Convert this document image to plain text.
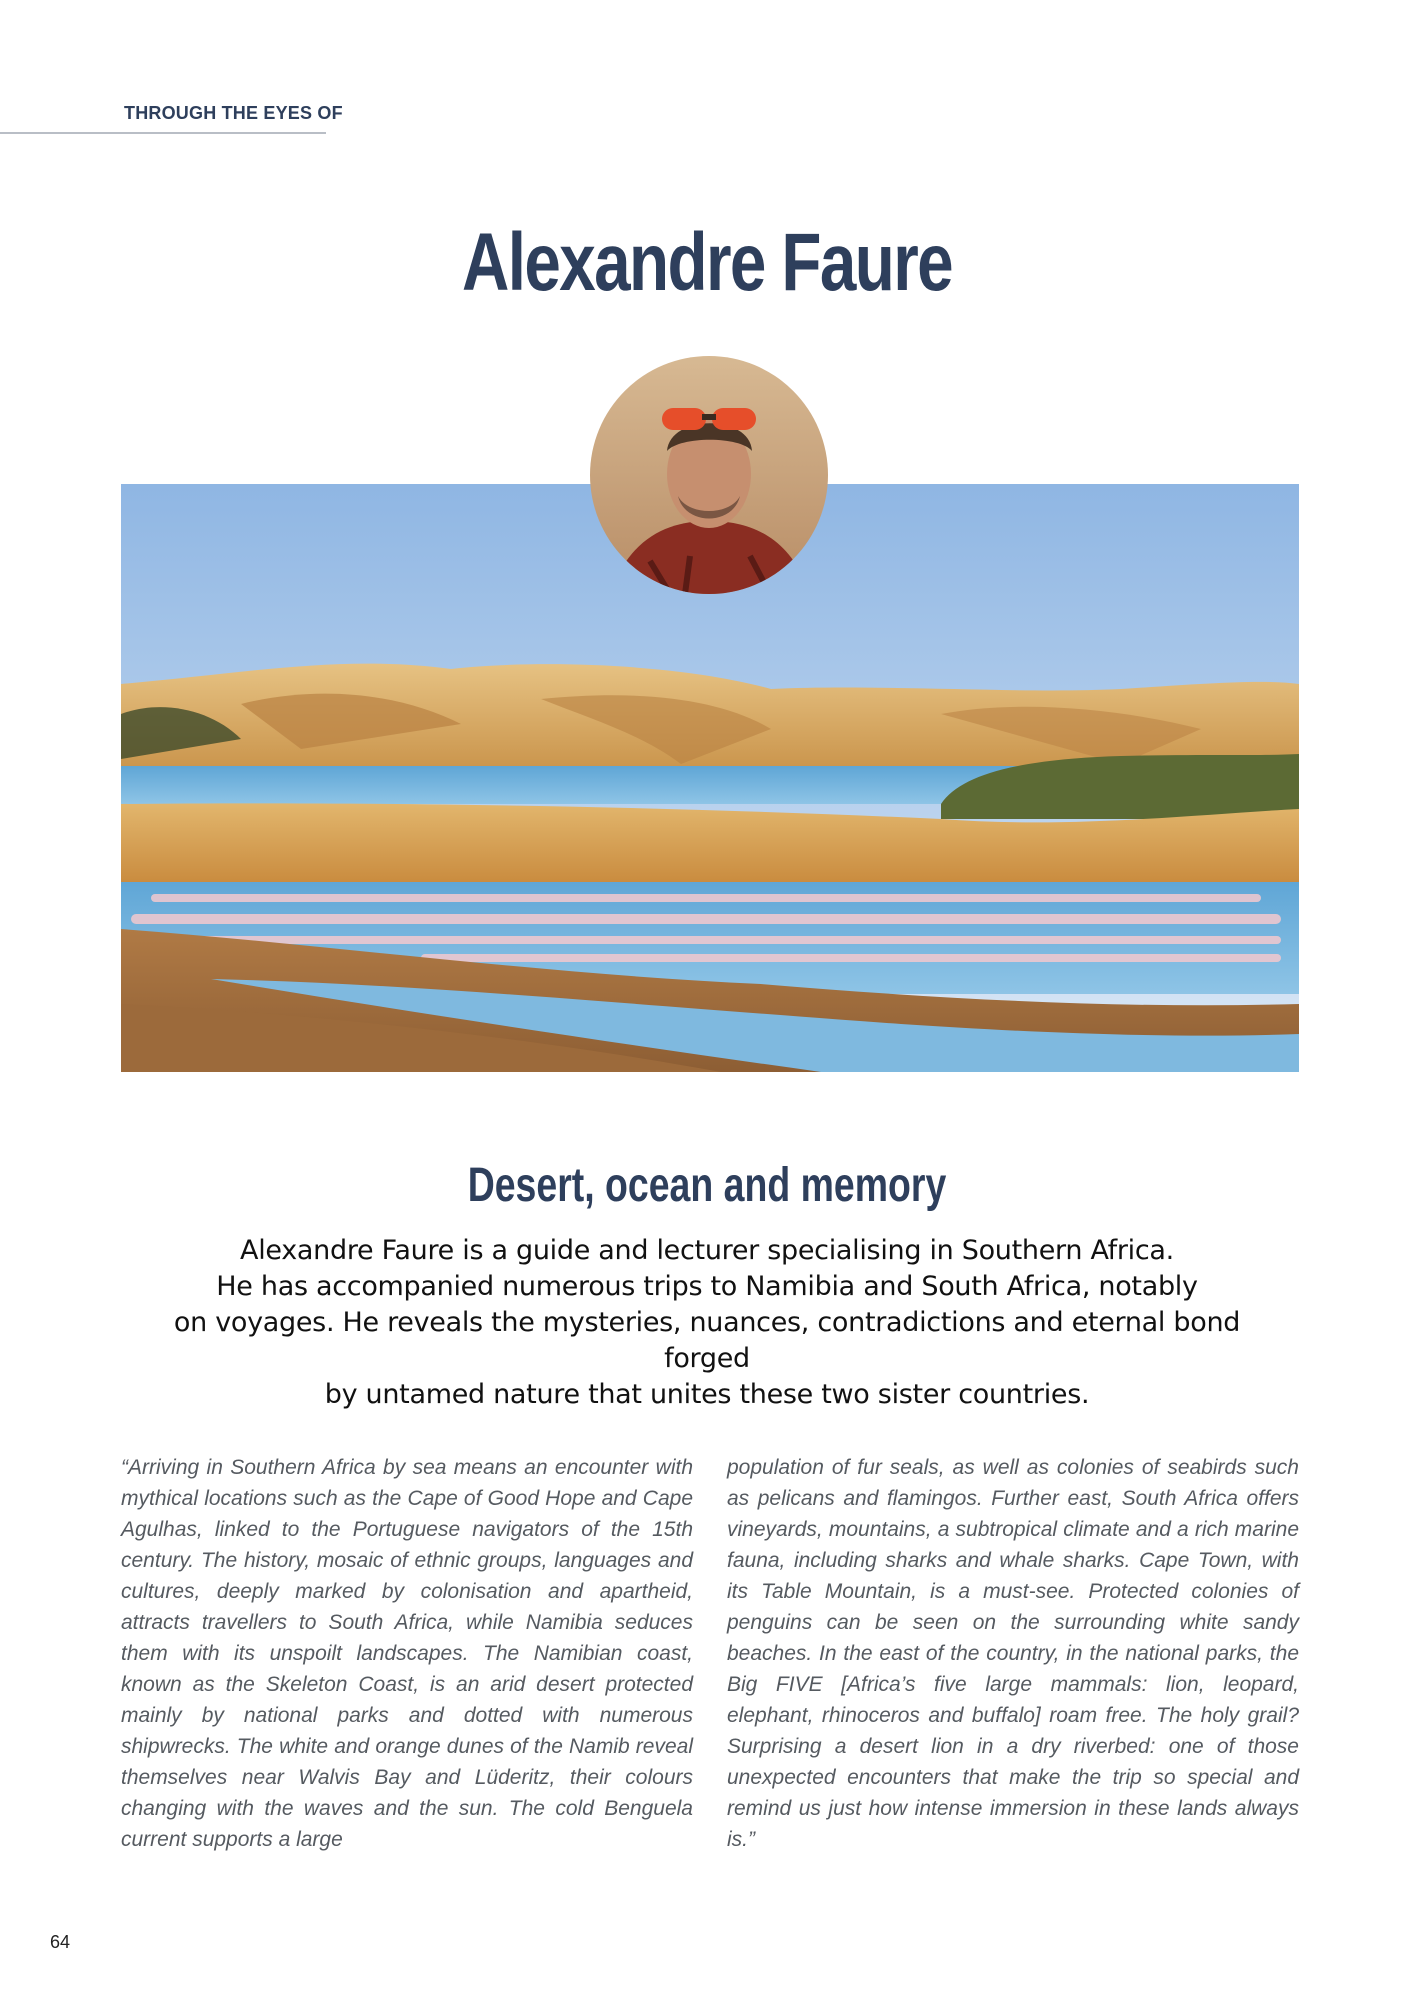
THROUGH THE EYES OF
Alexandre Faure
Desert, ocean and memory
Alexandre Faure is a guide and lecturer specialising in Southern Africa.
He has accompanied numerous trips to Namibia and South Africa, notably
on voyages. He reveals the mysteries, nuances, contradictions and eternal bond forged
by untamed nature that unites these two sister countries.
“Arriving in Southern Africa by sea means an encounter with mythical locations such as the Cape of Good Hope and Cape Agulhas, linked to the Portuguese navigators of the 15th century. The history, mosaic of ethnic groups, languages and cultures, deeply marked by colonisation and apartheid, attracts travellers to South Africa, while Namibia seduces them with its unspoilt landscapes. The Namibian coast, known as the Skeleton Coast, is an arid desert protected mainly by national parks and dotted with numerous shipwrecks. The white and orange dunes of the Namib reveal themselves near Walvis Bay and Lüderitz, their colours changing with the waves and the sun. The cold Benguela current supports a large
population of fur seals, as well as colonies of seabirds such as pelicans and flamingos. Further east, South Africa offers vineyards, mountains, a subtropical climate and a rich marine fauna, including sharks and whale sharks. Cape Town, with its Table Mountain, is a must-see. Protected colonies of penguins can be seen on the surrounding white sandy beaches. In the east of the country, in the national parks, the Big FIVE [Africa’s five large mammals: lion, leopard, elephant, rhinoceros and buffalo] roam free. The holy grail? Surprising a desert lion in a dry riverbed: one of those unexpected encounters that make the trip so special and remind us just how intense immersion in these lands always is.”
64
